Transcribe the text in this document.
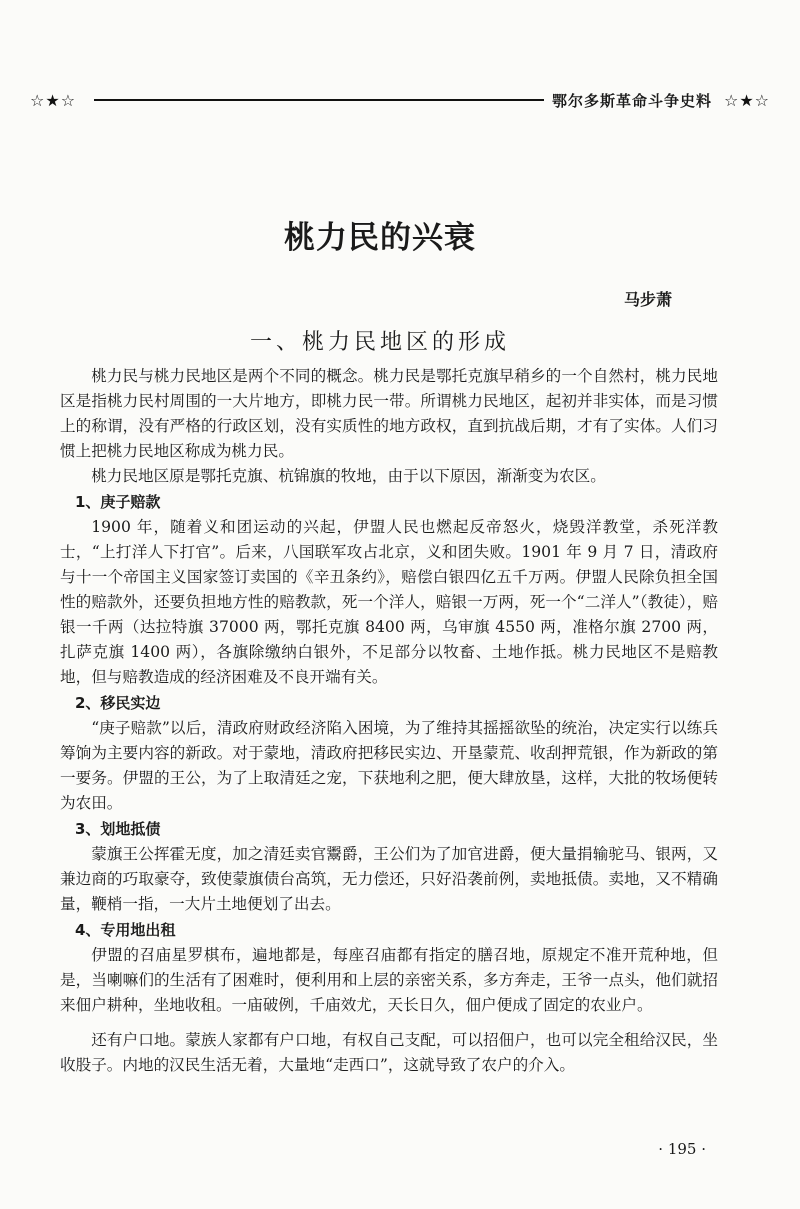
☆★☆	鄂尔多斯革命斗争史料 ☆★☆
桃力民的兴衰
马步萧
一、桃力民地区的形成

桃力民与桃力民地区是两个不同的概念。桃力民是鄂托克旗早稍乡的一个自然村，桃力民地区是指桃力民村周围的一大片地方，即桃力民一带。所谓桃力民地区，起初并非实体，而是习惯上的称谓，没有严格的行政区划，没有实质性的地方政权，直到抗战后期，才有了实体。人们习惯上把桃力民地区称成为桃力民。

桃力民地区原是鄂托克旗、杭锦旗的牧地，由于以下原因，渐渐变为农区。

1、庚子赔款

1900 年，随着义和团运动的兴起，伊盟人民也燃起反帝怒火，烧毁洋教堂，杀死洋教士，“上打洋人下打官”。后来，八国联军攻占北京，义和团失败。1901 年 9 月 7 日，清政府与十一个帝国主义国家签订卖国的《辛丑条约》，赔偿白银四亿五千万两。伊盟人民除负担全国性的赔款外，还要负担地方性的赔教款，死一个洋人，赔银一万两，死一个“二洋人”（教徒），赔银一千两（达拉特旗 37000 两，鄂托克旗 8400 两，乌审旗 4550 两，准格尔旗 2700 两，扎萨克旗 1400 两），各旗除缴纳白银外，不足部分以牧畜、土地作抵。桃力民地区不是赔教地，但与赔教造成的经济困难及不良开端有关。

2、移民实边

“庚子赔款”以后，清政府财政经济陷入困境，为了维持其摇摇欲坠的统治，决定实行以练兵筹饷为主要内容的新政。对于蒙地，清政府把移民实边、开垦蒙荒、收刮押荒银，作为新政的第一要务。伊盟的王公，为了上取清廷之宠，下获地利之肥，便大肆放垦，这样，大批的牧场便转为农田。

3、划地抵债

蒙旗王公挥霍无度，加之清廷卖官鬻爵，王公们为了加官进爵，便大量捐输驼马、银两，又兼边商的巧取豪夺，致使蒙旗债台高筑，无力偿还，只好沿袭前例，卖地抵债。卖地，又不精确量，鞭梢一指，一大片土地便划了出去。

4、专用地出租

伊盟的召庙星罗棋布，遍地都是，每座召庙都有指定的膳召地，原规定不准开荒种地，但是，当喇嘛们的生活有了困难时，便利用和上层的亲密关系，多方奔走，王爷一点头，他们就招来佃户耕种，坐地收租。一庙破例，千庙效尤，天长日久，佃户便成了固定的农业户。

还有户口地。蒙族人家都有户口地，有权自己支配，可以招佃户，也可以完全租给汉民，坐收股子。内地的汉民生活无着，大量地“走西口”，这就导致了农户的介入。

· 195 ·
